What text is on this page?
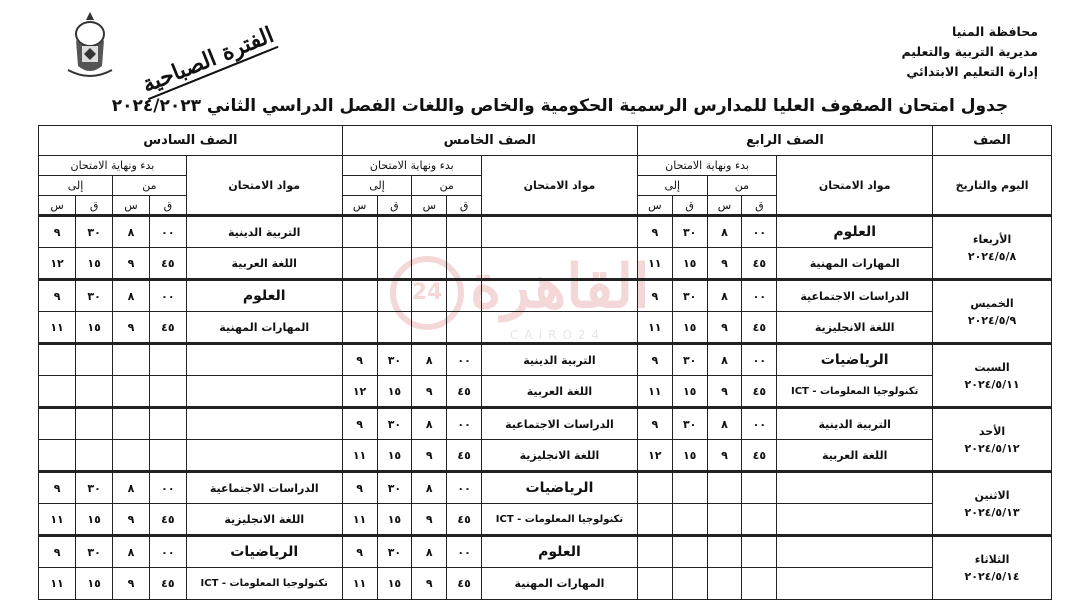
محافظة المنيا
مديرية التربية والتعليم
إدارة التعليم الابتدائي
الفترة الصباحية
جدول امتحان الصفوف العليا للمدارس الرسمية الحكومية والخاص واللغات الفصل الدراسي الثاني ٢٠٢٤/٢٠٢٣
24 القاهرة
CAIRO24
الصف	الصف الرابع					الصف الخامس					الصف السادس				
اليوم والتاريخ	مواد الامتحان	بدء ونهاية الامتحان				مواد الامتحان	بدء ونهاية الامتحان				مواد الامتحان	بدء ونهاية الامتحان			
		من		إلى			من		إلى			من		إلى	
		ق	س	ق	س		ق	س	ق	س		ق	س	ق	س

الأربعاء
٢٠٢٤/٥/٨	العلوم	٠٠	٨	٣٠	٩						التربية الدينية	٠٠	٨	٣٠	٩
	المهارات المهنية	٤٥	٩	١٥	١١						اللغة العربية	٤٥	٩	١٥	١٢

الخميس
٢٠٢٤/٥/٩	الدراسات الاجتماعية	٠٠	٨	٣٠	٩						العلوم	٠٠	٨	٣٠	٩
	اللغة الانجليزية	٤٥	٩	١٥	١١						المهارات المهنية	٤٥	٩	١٥	١١

السبت
٢٠٢٤/٥/١١	الرياضيات	٠٠	٨	٣٠	٩	التربية الدينية	٠٠	٨	٣٠	٩					
	تكنولوجيا المعلومات - ICT	٤٥	٩	١٥	١١	اللغة العربية	٤٥	٩	١٥	١٢					

الأحد
٢٠٢٤/٥/١٢	التربية الدينية	٠٠	٨	٣٠	٩	الدراسات الاجتماعية	٠٠	٨	٣٠	٩					
	اللغة العربية	٤٥	٩	١٥	١٢	اللغة الانجليزية	٤٥	٩	١٥	١١					

الاثنين
٢٠٢٤/٥/١٣						الرياضيات	٠٠	٨	٣٠	٩	الدراسات الاجتماعية	٠٠	٨	٣٠	٩
						تكنولوجيا المعلومات - ICT	٤٥	٩	١٥	١١	اللغة الانجليزية	٤٥	٩	١٥	١١

الثلاثاء
٢٠٢٤/٥/١٤						العلوم	٠٠	٨	٣٠	٩	الرياضيات	٠٠	٨	٣٠	٩
						المهارات المهنية	٤٥	٩	١٥	١١	تكنولوجيا المعلومات - ICT	٤٥	٩	١٥	١١
